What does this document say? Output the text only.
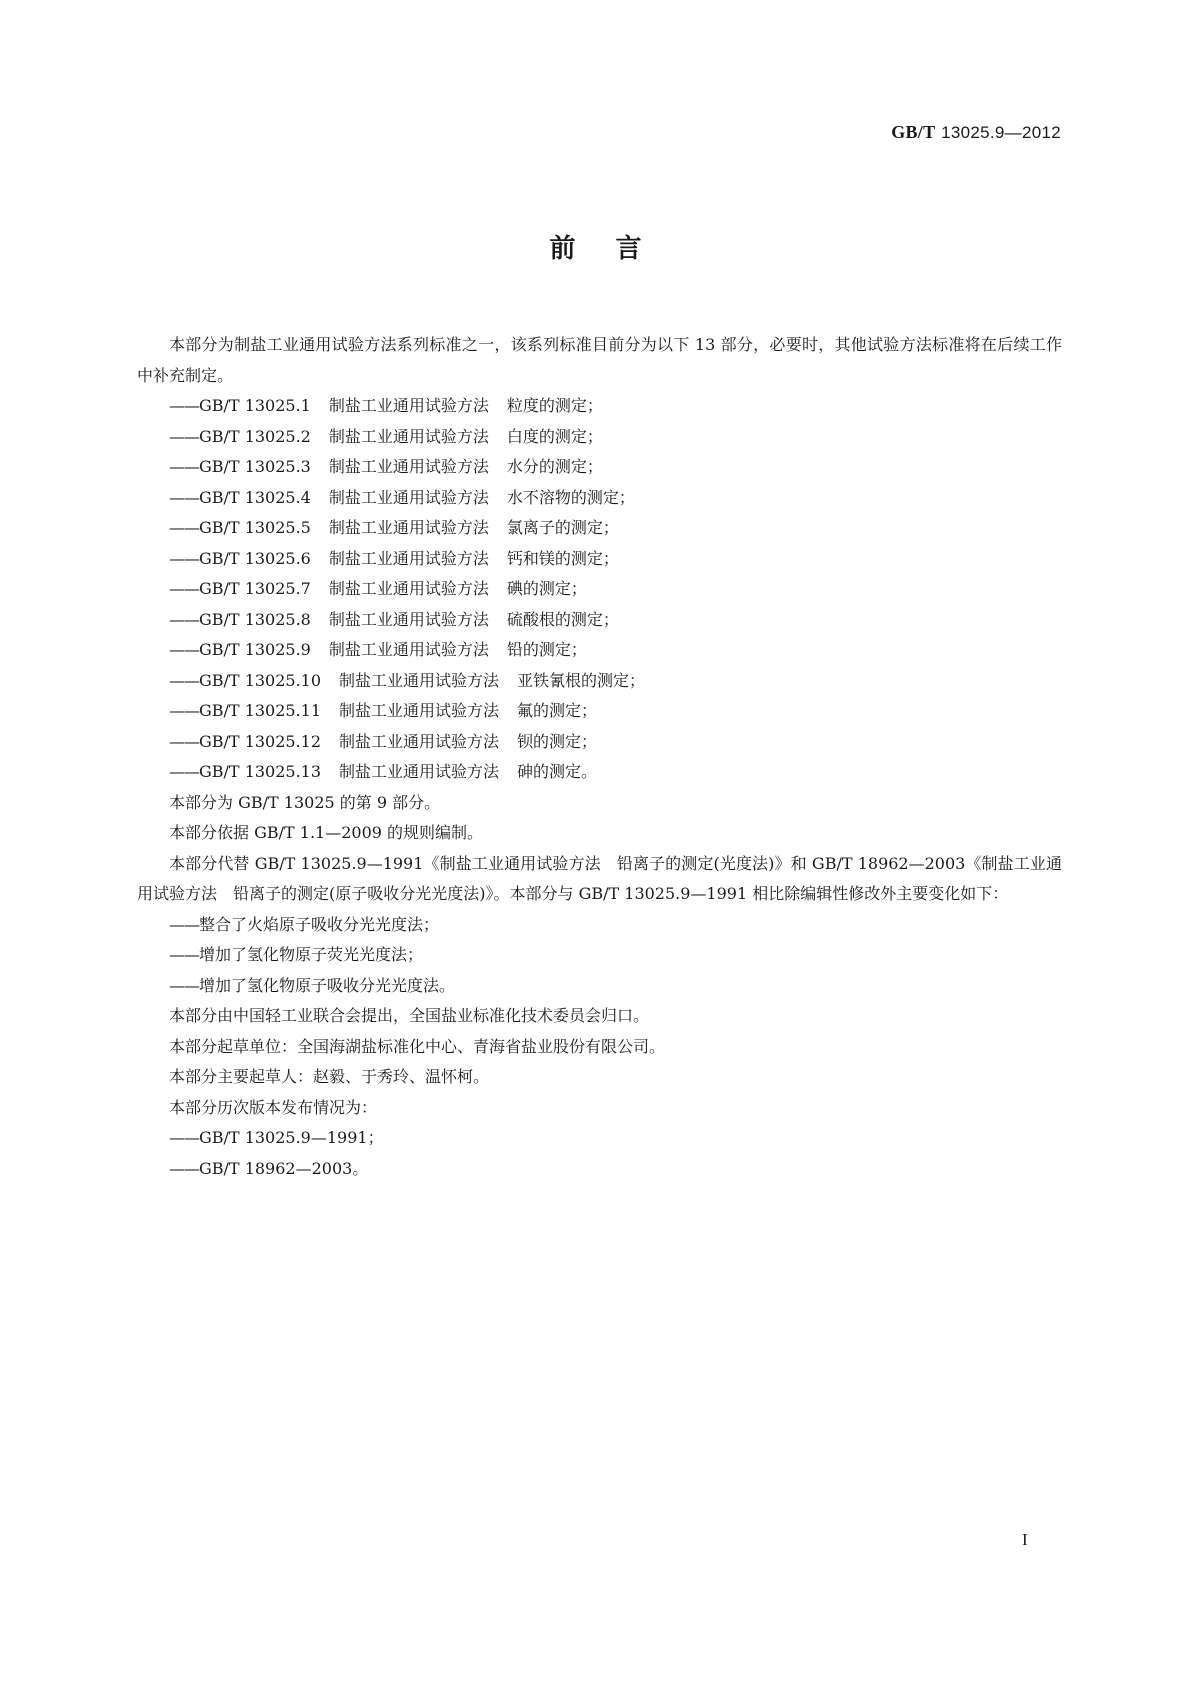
GB/T 13025.9—2012
前言

本部分为制盐工业通用试验方法系列标准之一，该系列标准目前分为以下 13 部分，必要时，其他试验方法标准将在后续工作中补充制定。

——GB/T 13025.1 制盐工业通用试验方法 粒度的测定；

——GB/T 13025.2 制盐工业通用试验方法 白度的测定；

——GB/T 13025.3 制盐工业通用试验方法 水分的测定；

——GB/T 13025.4 制盐工业通用试验方法 水不溶物的测定；

——GB/T 13025.5 制盐工业通用试验方法 氯离子的测定；

——GB/T 13025.6 制盐工业通用试验方法 钙和镁的测定；

——GB/T 13025.7 制盐工业通用试验方法 碘的测定；

——GB/T 13025.8 制盐工业通用试验方法 硫酸根的测定；

——GB/T 13025.9 制盐工业通用试验方法 铅的测定；

——GB/T 13025.10 制盐工业通用试验方法 亚铁氰根的测定；

——GB/T 13025.11 制盐工业通用试验方法 氟的测定；

——GB/T 13025.12 制盐工业通用试验方法 钡的测定；

——GB/T 13025.13 制盐工业通用试验方法 砷的测定。

本部分为 GB/T 13025 的第 9 部分。

本部分依据 GB/T 1.1—2009 的规则编制。

本部分代替 GB/T 13025.9—1991《制盐工业通用试验方法　铅离子的测定(光度法)》和 GB/T 18962—2003《制盐工业通用试验方法　铅离子的测定(原子吸收分光光度法)》。本部分与 GB/T 13025.9—1991 相比除编辑性修改外主要变化如下：

——整合了火焰原子吸收分光光度法；

——增加了氢化物原子荧光光度法；

——增加了氢化物原子吸收分光光度法。

本部分由中国轻工业联合会提出，全国盐业标准化技术委员会归口。

本部分起草单位：全国海湖盐标准化中心、青海省盐业股份有限公司。

本部分主要起草人：赵毅、于秀玲、温怀柯。

本部分历次版本发布情况为：

——GB/T 13025.9—1991；

——GB/T 18962—2003。

I
